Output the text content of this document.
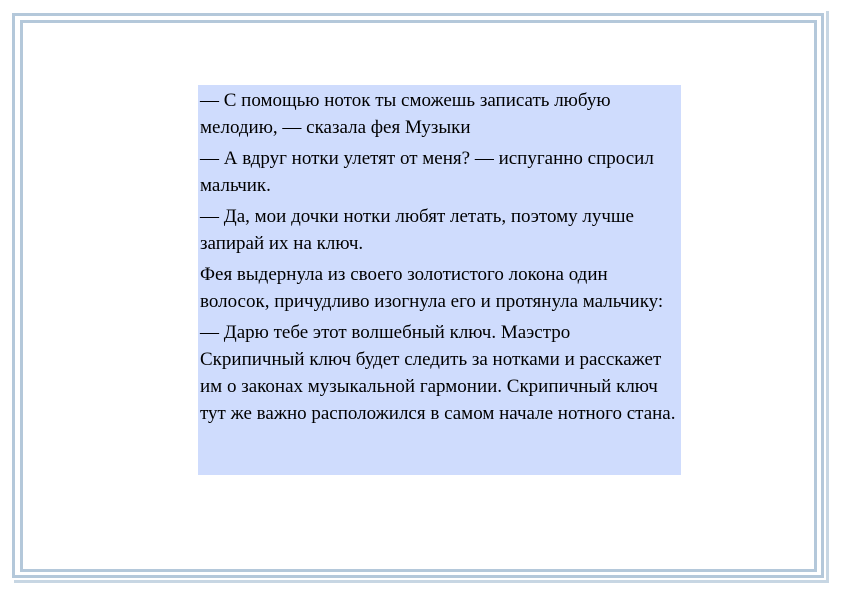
— С помощью ноток ты сможешь записать любую мелодию, — сказала фея Музыки

— А вдруг нотки улетят от меня? — испуганно спросил мальчик.

— Да, мои дочки нотки любят летать, поэтому лучше запирай их на ключ.

Фея выдернула из своего золотистого локона один волосок, причудливо изогнула его и протянула мальчику:

— Дарю тебе этот волшебный ключ. Маэстро Скрипичный ключ будет следить за нотками и расскажет им о законах музыкальной гармонии. Скрипичный ключ тут же важно расположился в самом начале нотного стана.
